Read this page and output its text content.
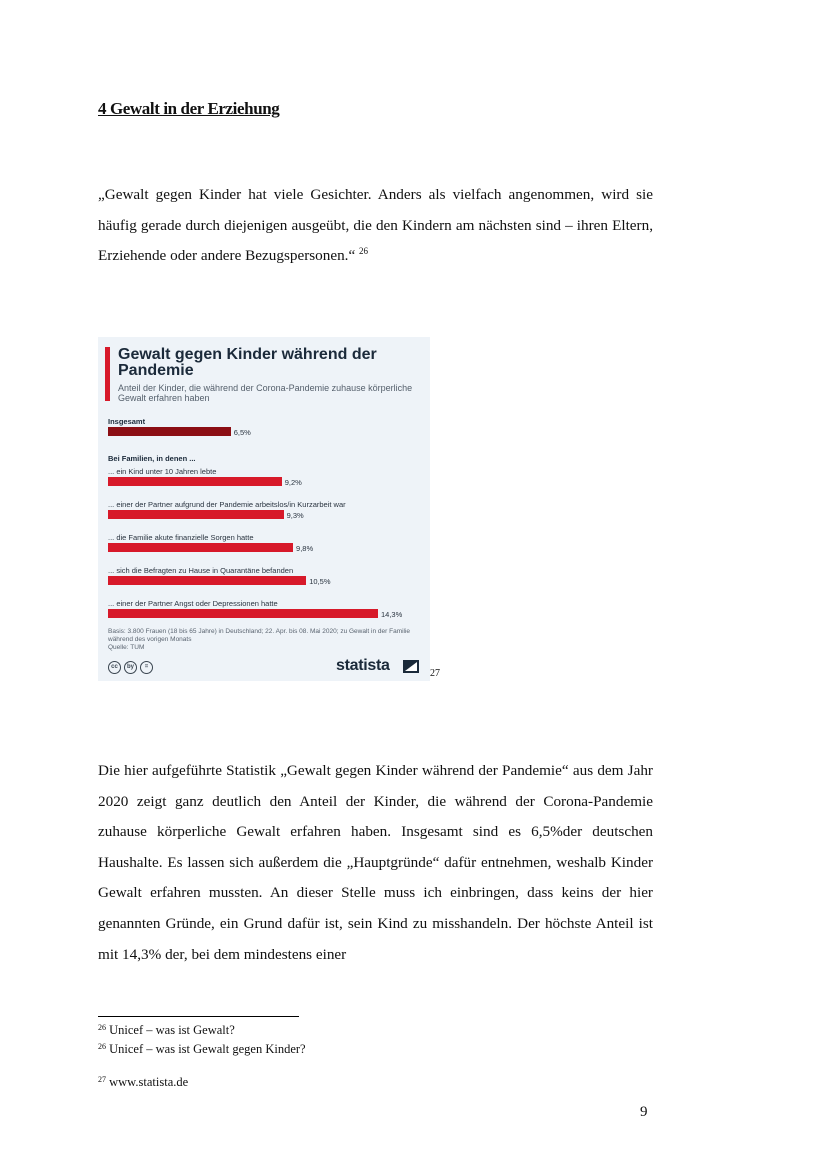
4 Gewalt in der Erziehung

„Gewalt gegen Kinder hat viele Gesichter. Anders als vielfach angenommen, wird sie häufig gerade durch diejenigen ausgeübt, die den Kindern am nächsten sind – ihren Eltern, Erziehende oder andere Bezugspersonen.“ $^{26}$

Gewalt gegen Kinder während der Pandemie

Anteil der Kinder, die während der Corona-Pandemie zuhause körperliche Gewalt erfahren haben

Insgesamt
Bei Familien, in denen ...
6,5%
... ein Kind unter 10 Jahren lebte
9,2%
... einer der Partner aufgrund der Pandemie arbeitslos/in Kurzarbeit war
9,3%
... die Familie akute finanzielle Sorgen hatte
9,8%
... sich die Befragten zu Hause in Quarantäne befanden
10,5%
... einer der Partner Angst oder Depressionen hatte
14,3%

Basis: 3.800 Frauen (18 bis 65 Jahre) in Deutschland; 22. Apr. bis 08. Mai 2020; zu Gewalt in der Familie während des vorigen Monats
Quelle: TUM

cc	by	=	statista	27

Die hier aufgeführte Statistik „Gewalt gegen Kinder während der Pandemie“ aus dem Jahr 2020 zeigt ganz deutlich den Anteil der Kinder, die während der Corona-Pandemie zuhause körperliche Gewalt erfahren haben. Insgesamt sind es 6,5%der deutschen Haushalte. Es lassen sich außerdem die „Hauptgründe“ dafür entnehmen, weshalb Kinder Gewalt erfahren mussten. An dieser Stelle muss ich einbringen, dass keins der hier genannten Gründe, ein Grund dafür ist, sein Kind zu misshandeln. Der höchste Anteil ist mit 14,3% der, bei dem mindestens einer

$^{26}$ Unicef – was ist Gewalt?

$^{26}$ Unicef – was ist Gewalt gegen Kinder?

$^{27}$ www.statista.de

9
